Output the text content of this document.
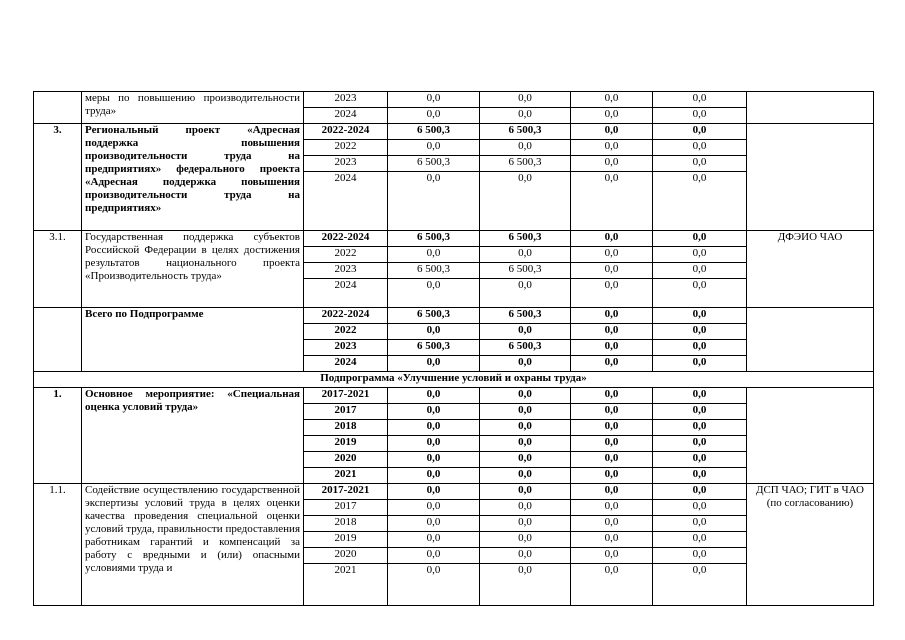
	меры по повышению производительности труда»	2023	0,0	0,0	0,0	0,0	
		2024	0,0	0,0	0,0	0,0	
3.	Региональный проект «Адресная поддержка повышения производительности труда на предприятиях» федерального проекта «Адресная поддержка повышения производительности труда на предприятиях»	2022-2024	6 500,3	6 500,3	0,0	0,0	
		2022	0,0	0,0	0,0	0,0	
		2023	6 500,3	6 500,3	0,0	0,0	
		2024	0,0	0,0	0,0	0,0	
3.1.	Государственная поддержка субъектов Российской Федерации в целях достижения результатов национального проекта «Производительность труда»	2022-2024	6 500,3	6 500,3	0,0	0,0	ДФЭИО ЧАО
		2022	0,0	0,0	0,0	0,0	
		2023	6 500,3	6 500,3	0,0	0,0	
		2024	0,0	0,0	0,0	0,0	
	Всего по Подпрограмме	2022-2024	6 500,3	6 500,3	0,0	0,0	
		2022	0,0	0,0	0,0	0,0	
		2023	6 500,3	6 500,3	0,0	0,0	
		2024	0,0	0,0	0,0	0,0	
Подпрограмма «Улучшение условий и охраны труда»							
1.	Основное мероприятие: «Специальная оценка условий труда»	2017-2021	0,0	0,0	0,0	0,0	
		2017	0,0	0,0	0,0	0,0	
		2018	0,0	0,0	0,0	0,0	
		2019	0,0	0,0	0,0	0,0	
		2020	0,0	0,0	0,0	0,0	
		2021	0,0	0,0	0,0	0,0	
1.1.	Содействие осуществлению государственной экспертизы условий труда в целях оценки качества проведения специальной оценки условий труда, правильности предоставления работникам гарантий и компенсаций за работу с вредными и (или) опасными условиями труда и	2017-2021	0,0	0,0	0,0	0,0	ДСП ЧАО; ГИТ в ЧАО (по согласованию)
		2017	0,0	0,0	0,0	0,0	
		2018	0,0	0,0	0,0	0,0	
		2019	0,0	0,0	0,0	0,0	
		2020	0,0	0,0	0,0	0,0	
		2021	0,0	0,0	0,0	0,0	
